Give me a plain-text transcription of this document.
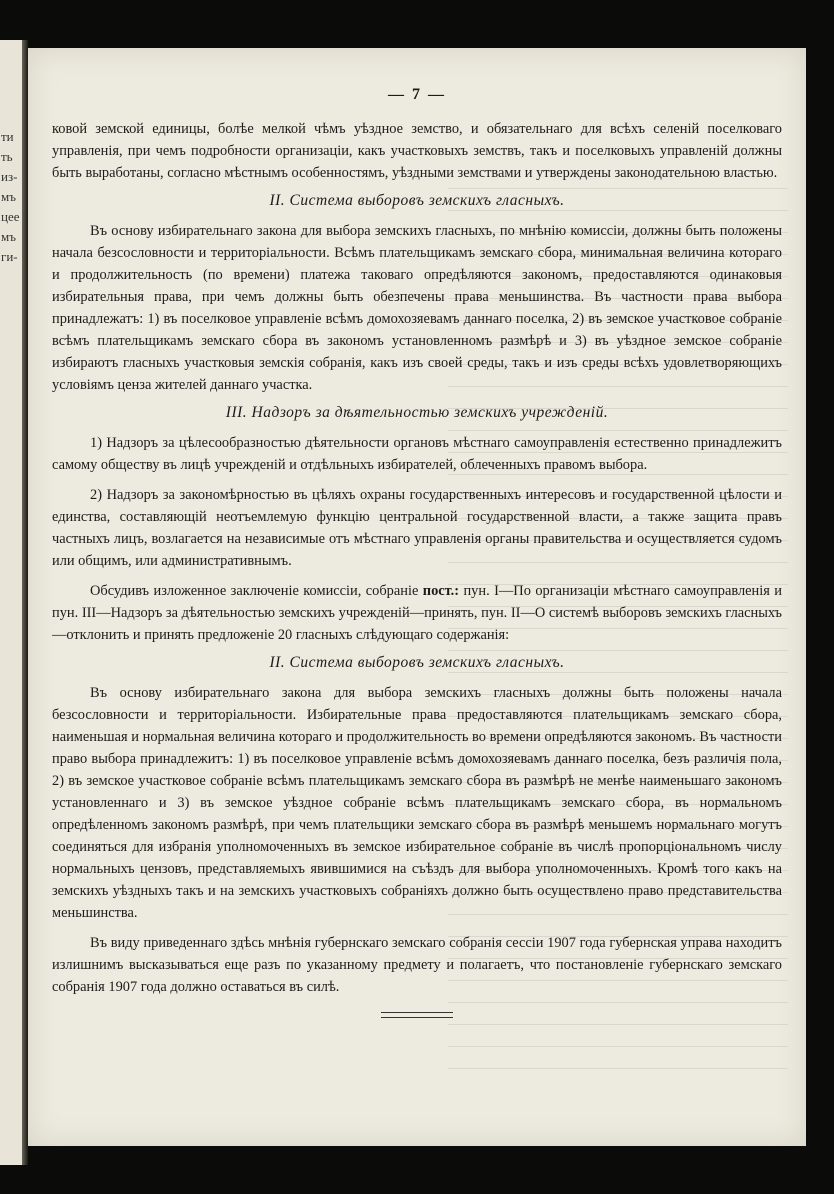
ти
ть
из-
мъ
цее
мъ
ги-
— 7 —

ковой земской единицы, болѣе мелкой чѣмъ уѣздное земство, и обязательнаго для всѣхъ селеній поселковаго управленія, при чемъ подробности организаціи, какъ участковыхъ земствъ, такъ и поселковыхъ управленій должны быть выработаны, согласно мѣстнымъ особенностямъ, уѣздными земствами и утверждены законодательною властью.

II. Система выборовъ земскихъ гласныхъ.

Въ основу избирательнаго закона для выбора земскихъ гласныхъ, по мнѣнію комиссіи, должны быть положены начала безсословности и территоріальности. Всѣмъ плательщикамъ земскаго сбора, минимальная величина котораго и продолжительность (по времени) платежа таковаго опредѣляются закономъ, предоставляются одинаковыя избирательныя права, при чемъ должны быть обезпечены права меньшинства. Въ частности права выбора принадлежатъ: 1) въ поселковое управленіе всѣмъ домохозяевамъ даннаго поселка, 2) въ земское участковое собраніе всѣмъ плательщикамъ земскаго сбора въ закономъ установленномъ размѣрѣ и 3) въ уѣздное земское собраніе избираютъ гласныхъ участковыя земскія собранія, какъ изъ своей среды, такъ и изъ среды всѣхъ удовлетворяющихъ условіямъ ценза жителей даннаго участка.

III. Надзоръ за дѣятельностью земскихъ учрежденій.

1) Надзоръ за цѣлесообразностью дѣятельности органовъ мѣстнаго самоуправленія естественно принадлежитъ самому обществу въ лицѣ учрежденій и отдѣльныхъ избирателей, облеченныхъ правомъ выбора.

2) Надзоръ за закономѣрностью въ цѣляхъ охраны государственныхъ интересовъ и государственной цѣлости и единства, составляющій неотъемлемую функцію центральной государственной власти, а также защита правъ частныхъ лицъ, возлагается на независимые отъ мѣстнаго управленія органы правительства и осуществляется судомъ или общимъ, или административнымъ.

Обсудивъ изложенное заключеніе комиссіи, собраніе пост.: пун. I—По организаціи мѣстнаго самоуправленія и пун. III—Надзоръ за дѣятельностью земскихъ учрежденій—принять, пун. II—О системѣ выборовъ земскихъ гласныхъ—отклонить и принять предложеніе 20 гласныхъ слѣдующаго содержанія:

II. Система выборовъ земскихъ гласныхъ.

Въ основу избирательнаго закона для выбора земскихъ гласныхъ должны быть положены начала безсословности и территоріальности. Избирательные права предоставляются плательщикамъ земскаго сбора, наименьшая и нормальная величина котораго и продолжительность во времени опредѣляются закономъ. Въ частности право выбора принадлежитъ: 1) въ поселковое управленіе всѣмъ домохозяевамъ даннаго поселка, безъ различія пола, 2) въ земское участковое собраніе всѣмъ плательщикамъ земскаго сбора въ размѣрѣ не менѣе наименьшаго закономъ установленнаго и 3) въ земское уѣздное собраніе всѣмъ плательщикамъ земскаго сбора, въ нормальномъ опредѣленномъ закономъ размѣрѣ, при чемъ плательщики земскаго сбора въ размѣрѣ меньшемъ нормальнаго могутъ соединяться для избранія уполномоченныхъ въ земское избирательное собраніе въ числѣ пропорціональномъ числу нормальныхъ цензовъ, представляемыхъ явившимися на съѣздъ для выбора уполномоченныхъ. Кромѣ того какъ на земскихъ уѣздныхъ такъ и на земскихъ участковыхъ собраніяхъ должно быть осуществлено право представительства меньшинства.

Въ виду приведеннаго здѣсь мнѣнія губернскаго земскаго собранія сессіи 1907 года губернская управа находитъ излишнимъ высказываться еще разъ по указанному предмету и полагаетъ, что постановленіе губернскаго земскаго собранія 1907 года должно оставаться въ силѣ.
